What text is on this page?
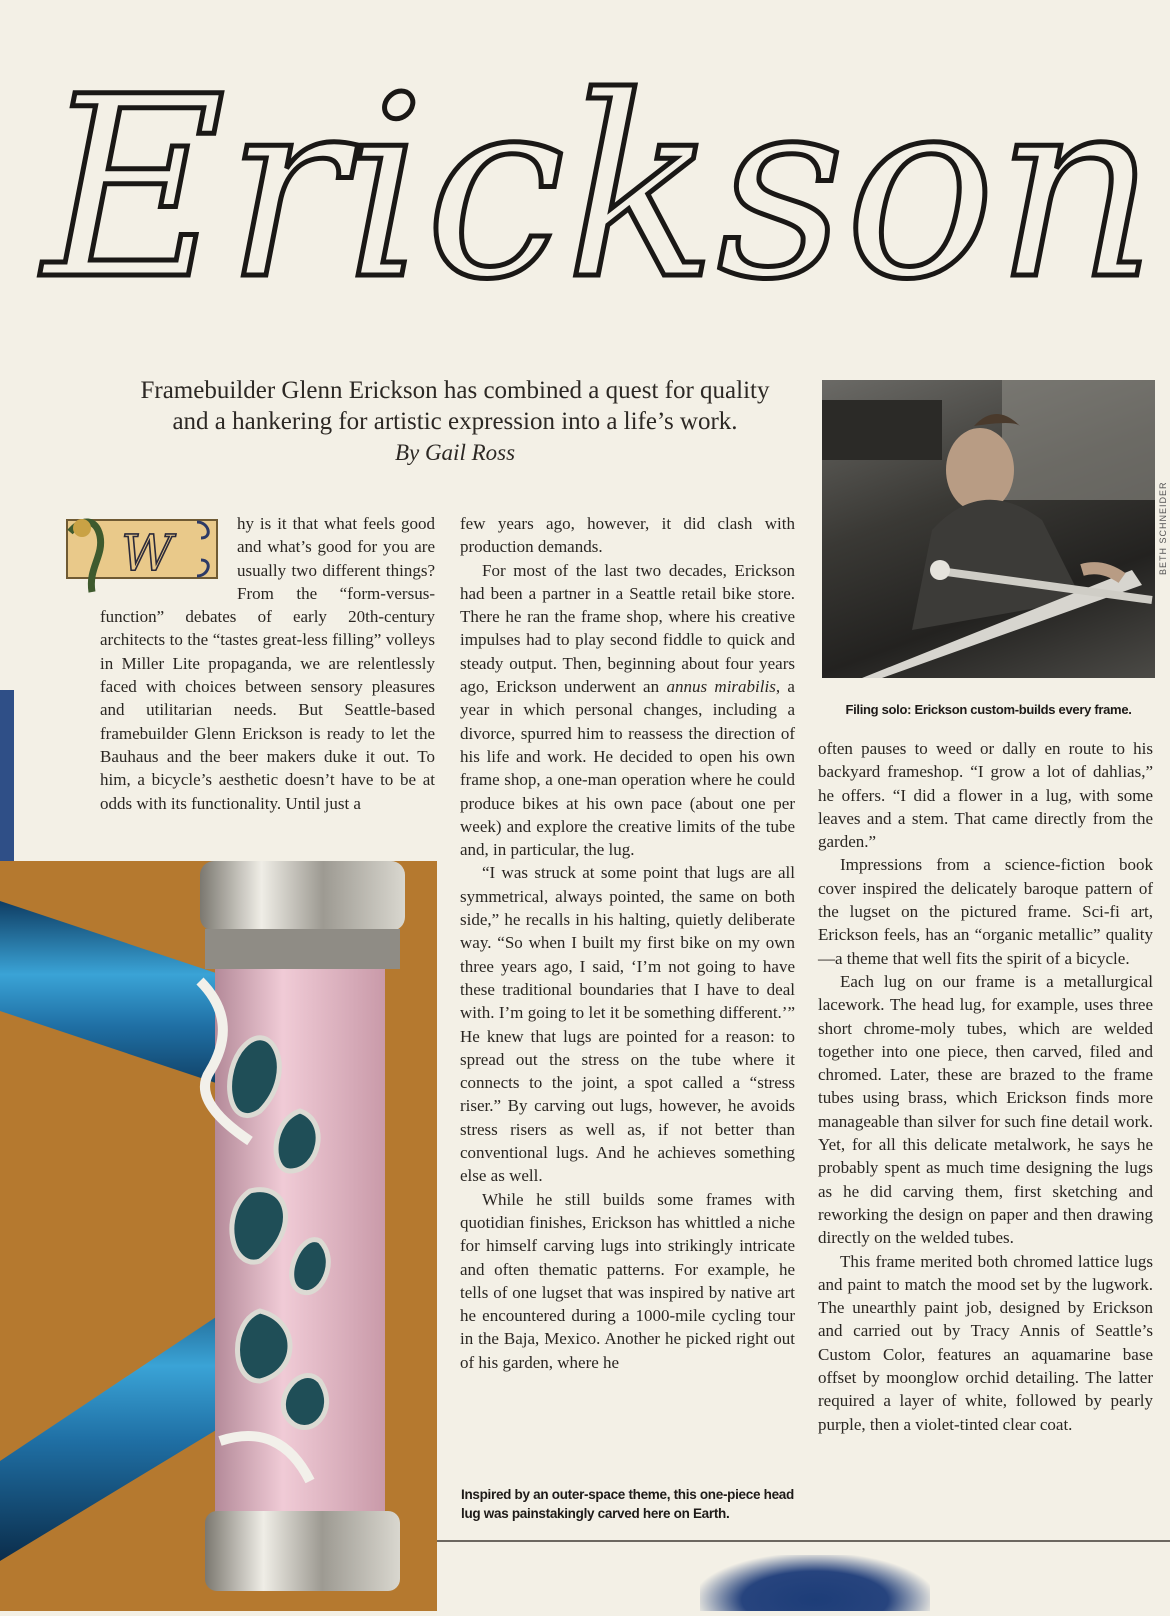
Erickson
Framebuilder Glenn Erickson has combined a quest for quality
and a hankering for artistic expression into a life’s work.

By Gail Ross
W

hy is it that what feels good and what’s good for you are usually two different things? From the “form-versus-function” debates of early 20th-century architects to the “tastes great-less filling” volleys in Miller Lite propaganda, we are relentlessly faced with choices between sensory pleasures and utilitarian needs. But Seattle-based framebuilder Glenn Erickson is ready to let the Bauhaus and the beer makers duke it out. To him, a bicycle’s aesthetic doesn’t have to be at odds with its functionality. Until just a

few years ago, however, it did clash with production demands.

For most of the last two decades, Erickson had been a partner in a Seattle retail bike store. There he ran the frame shop, where his creative impulses had to play second fiddle to quick and steady output. Then, beginning about four years ago, Erickson underwent an annus mirabilis, a year in which personal changes, including a divorce, spurred him to reassess the direction of his life and work. He decided to open his own frame shop, a one-man operation where he could produce bikes at his own pace (about one per week) and explore the creative limits of the tube and, in particular, the lug.

“I was struck at some point that lugs are all symmetrical, always pointed, the same on both side,” he recalls in his halting, quietly deliberate way. “So when I built my first bike on my own three years ago, I said, ‘I’m not going to have these traditional boundaries that I have to deal with. I’m going to let it be something different.’” He knew that lugs are pointed for a reason: to spread out the stress on the tube where it connects to the joint, a spot called a “stress riser.” By carving out lugs, however, he avoids stress risers as well as, if not better than conventional lugs. And he achieves something else as well.

While he still builds some frames with quotidian finishes, Erickson has whittled a niche for himself carving lugs into strikingly intricate and often thematic patterns. For example, he tells of one lugset that was inspired by native art he encountered during a 1000-mile cycling tour in the Baja, Mexico. Another he picked right out of his garden, where he

often pauses to weed or dally en route to his backyard frameshop. “I grow a lot of dahlias,” he offers. “I did a flower in a lug, with some leaves and a stem. That came directly from the garden.”

Impressions from a science-fiction book cover inspired the delicately baroque pattern of the lugset on the pictured frame. Sci-fi art, Erickson feels, has an “organic metallic” quality—a theme that well fits the spirit of a bicycle.

Each lug on our frame is a metallurgical lacework. The head lug, for example, uses three short chrome-moly tubes, which are welded together into one piece, then carved, filed and chromed. Later, these are brazed to the frame tubes using brass, which Erickson finds more manageable than silver for such fine detail work. Yet, for all this delicate metalwork, he says he probably spent as much time designing the lugs as he did carving them, first sketching and reworking the design on paper and then drawing directly on the welded tubes.

This frame merited both chromed lattice lugs and paint to match the mood set by the lugwork. The unearthly paint job, designed by Erickson and carried out by Tracy Annis of Seattle’s Custom Color, features an aquamarine base offset by moonglow orchid detailing. The latter required a layer of white, followed by pearly purple, then a violet-tinted clear coat.

BETH SCHNEIDER
Filing solo: Erickson custom-builds every frame.
Inspired by an outer-space theme, this one-piece head lug was painstakingly carved here on Earth.
